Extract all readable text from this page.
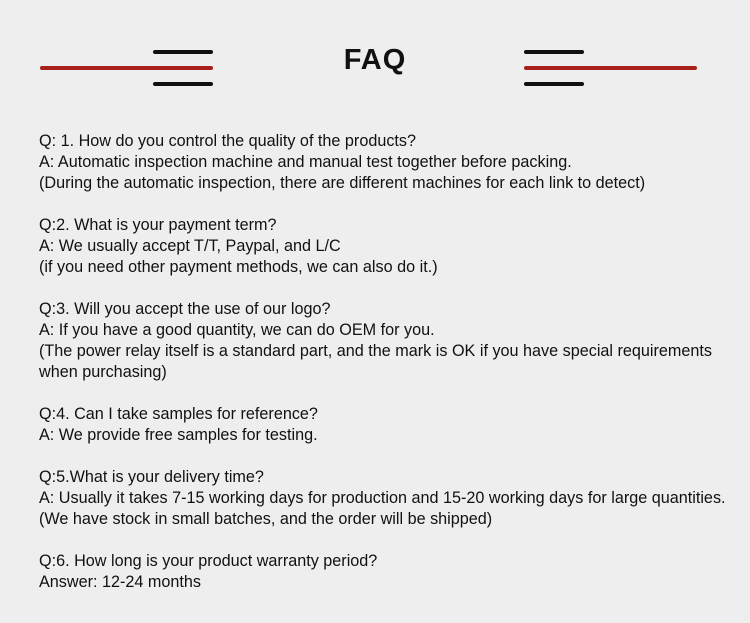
FAQ
Q: 1. How do you control the quality of the products?
A: Automatic inspection machine and manual test together before packing.
(During the automatic inspection, there are different machines for each link to detect)
Q:2. What is your payment term?
A: We usually accept T/T, Paypal, and L/C
(if you need other payment methods, we can also do it.)
Q:3. Will you accept the use of our logo?
A: If you have a good quantity, we can do OEM for you.
(The power relay itself is a standard part, and the mark is OK if you have special requirements when purchasing)
Q:4. Can I take samples for reference?
A: We provide free samples for testing.
Q:5.What is your delivery time?
A: Usually it takes 7-15 working days for production and 15-20 working days for large quantities. (We have stock in small batches, and the order will be shipped)
Q:6. How long is your product warranty period?
Answer: 12-24 months
